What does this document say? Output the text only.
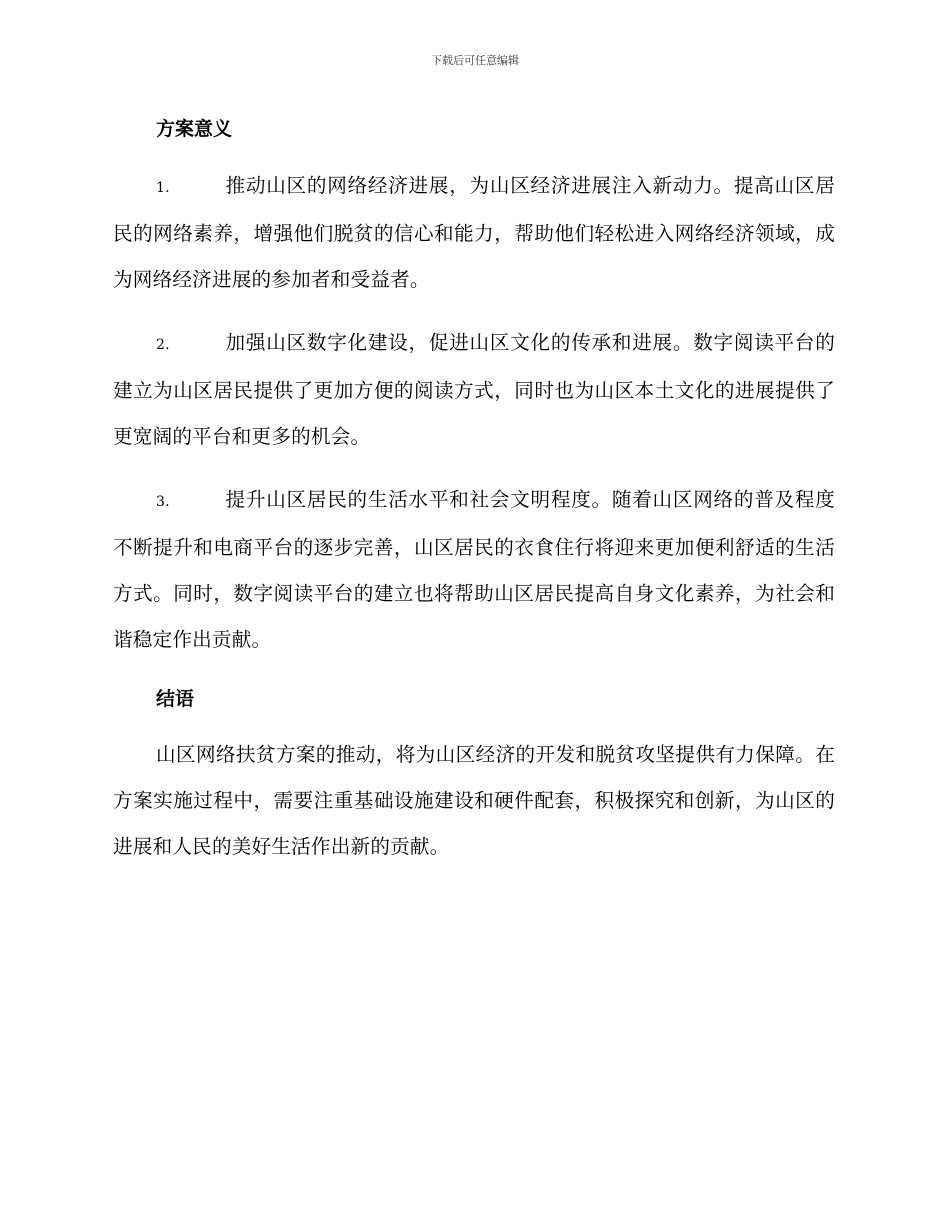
下载后可任意编辑
方案意义

1.	推动山区的网络经济进展，为山区经济进展注入新动力。提高山区居民的网络素养，增强他们脱贫的信心和能力，帮助他们轻松进入网络经济领域，成为网络经济进展的参加者和受益者。

2.	加强山区数字化建设，促进山区文化的传承和进展。数字阅读平台的建立为山区居民提供了更加方便的阅读方式，同时也为山区本土文化的进展提供了更宽阔的平台和更多的机会。

3.	提升山区居民的生活水平和社会文明程度。随着山区网络的普及程度不断提升和电商平台的逐步完善，山区居民的衣食住行将迎来更加便利舒适的生活方式。同时，数字阅读平台的建立也将帮助山区居民提高自身文化素养，为社会和谐稳定作出贡献。

结语

山区网络扶贫方案的推动，将为山区经济的开发和脱贫攻坚提供有力保障。在方案实施过程中，需要注重基础设施建设和硬件配套，积极探究和创新，为山区的进展和人民的美好生活作出新的贡献。
